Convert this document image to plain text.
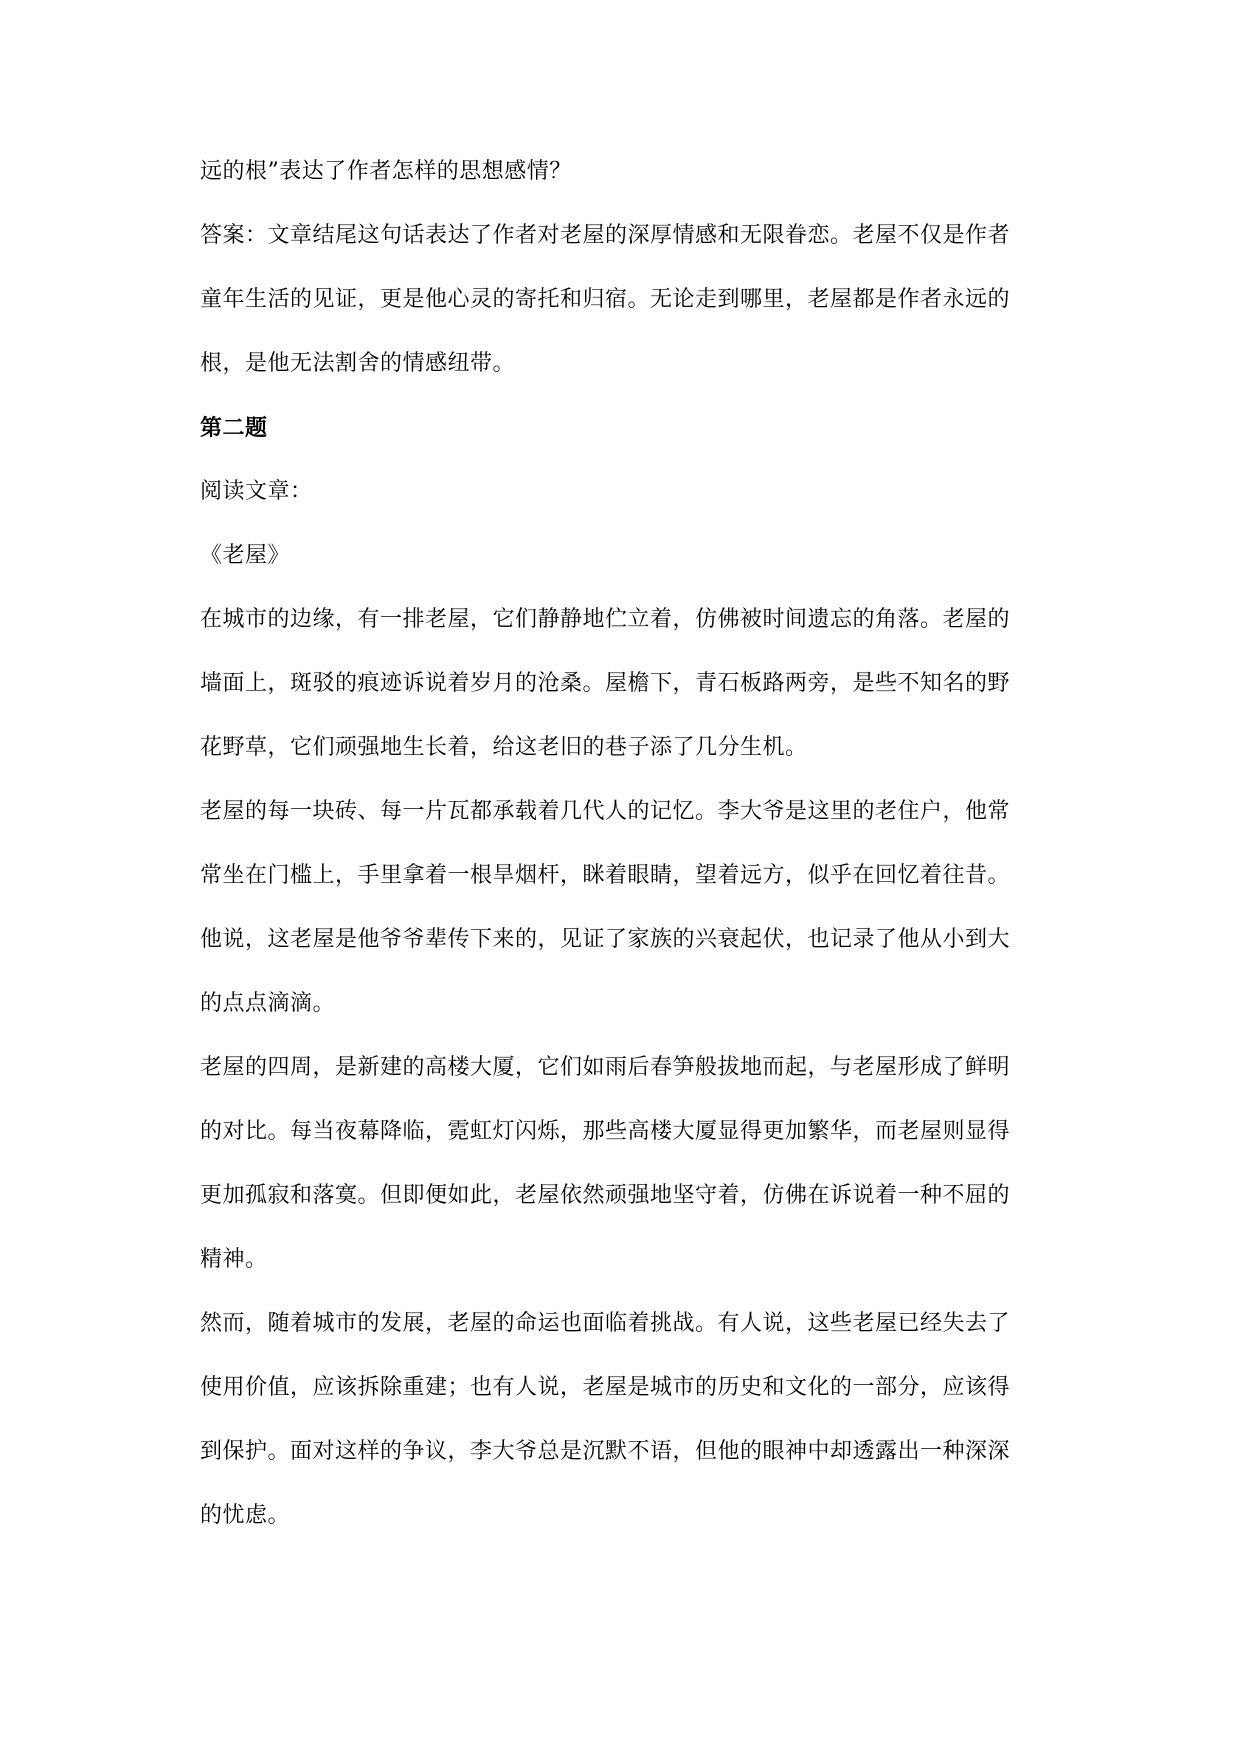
远的根”表达了作者怎样的思想感情？
答案：文章结尾这句话表达了作者对老屋的深厚情感和无限眷恋。老屋不仅是作者
童年生活的见证，更是他心灵的寄托和归宿。无论走到哪里，老屋都是作者永远的
根，是他无法割舍的情感纽带。
第二题
阅读文章：
《老屋》
在城市的边缘，有一排老屋，它们静静地伫立着，仿佛被时间遗忘的角落。老屋的
墙面上，斑驳的痕迹诉说着岁月的沧桑。屋檐下，青石板路两旁，是些不知名的野
花野草，它们顽强地生长着，给这老旧的巷子添了几分生机。
老屋的每一块砖、每一片瓦都承载着几代人的记忆。李大爷是这里的老住户，他常
常坐在门槛上，手里拿着一根旱烟杆，眯着眼睛，望着远方，似乎在回忆着往昔。
他说，这老屋是他爷爷辈传下来的，见证了家族的兴衰起伏，也记录了他从小到大
的点点滴滴。
老屋的四周，是新建的高楼大厦，它们如雨后春笋般拔地而起，与老屋形成了鲜明
的对比。每当夜幕降临，霓虹灯闪烁，那些高楼大厦显得更加繁华，而老屋则显得
更加孤寂和落寞。但即便如此，老屋依然顽强地坚守着，仿佛在诉说着一种不屈的
精神。
然而，随着城市的发展，老屋的命运也面临着挑战。有人说，这些老屋已经失去了
使用价值，应该拆除重建；也有人说，老屋是城市的历史和文化的一部分，应该得
到保护。面对这样的争议，李大爷总是沉默不语，但他的眼神中却透露出一种深深
的忧虑。
